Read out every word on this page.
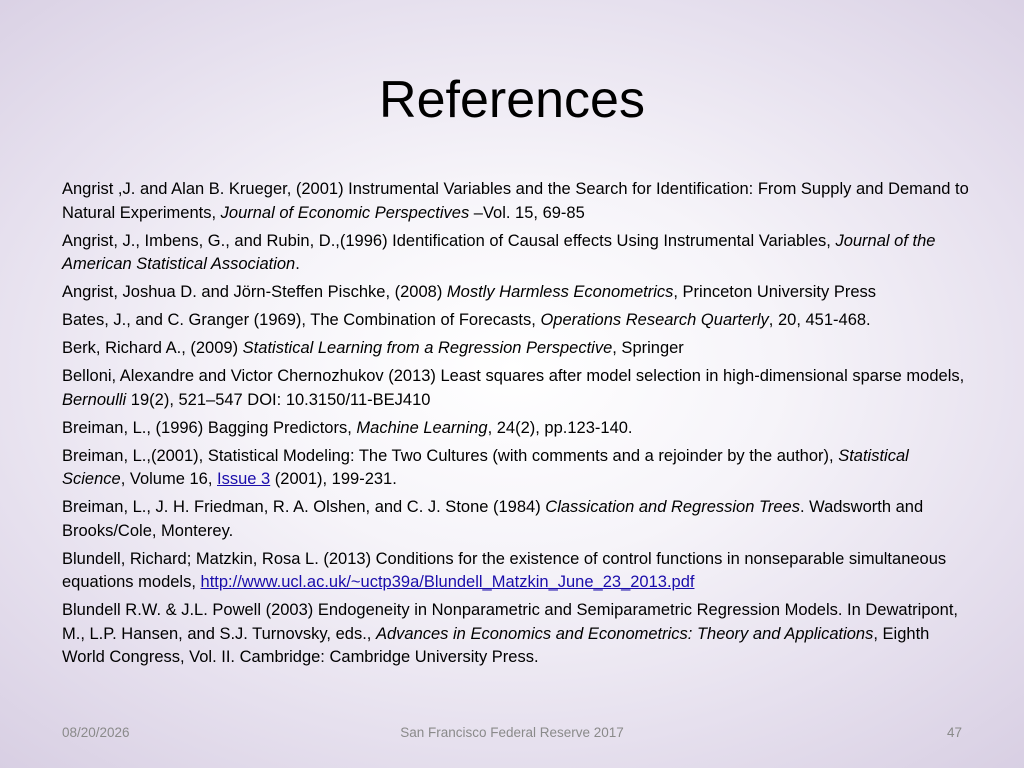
References

Angrist ,J. and Alan B. Krueger, (2001) Instrumental Variables and the Search for Identification: From Supply and Demand to Natural Experiments, Journal of Economic Perspectives –Vol. 15, 69-85

Angrist, J., Imbens, G., and Rubin, D.,(1996) Identification of Causal effects Using Instrumental Variables, Journal of the American Statistical Association.

Angrist, Joshua D. and Jörn-Steffen Pischke, (2008) Mostly Harmless Econometrics, Princeton University Press

Bates, J., and C. Granger (1969), The Combination of Forecasts, Operations Research Quarterly, 20, 451-468.

Berk, Richard A., (2009) Statistical Learning from a Regression Perspective, Springer

Belloni, Alexandre and Victor Chernozhukov (2013) Least squares after model selection in high-dimensional sparse models, Bernoulli 19(2), 521–547 DOI: 10.3150/11-BEJ410

Breiman, L., (1996) Bagging Predictors, Machine Learning, 24(2), pp.123-140.

Breiman, L.,(2001), Statistical Modeling: The Two Cultures (with comments and a rejoinder by the author), Statistical Science, Volume 16, Issue 3 (2001), 199-231.

Breiman, L., J. H. Friedman, R. A. Olshen, and C. J. Stone (1984) Classication and Regression Trees. Wadsworth and Brooks/Cole, Monterey.

Blundell, Richard; Matzkin, Rosa L. (2013) Conditions for the existence of control functions in nonseparable simultaneous equations models, http://www.ucl.ac.uk/~uctp39a/Blundell_Matzkin_June_23_2013.pdf

Blundell R.W. & J.L. Powell (2003) Endogeneity in Nonparametric and Semiparametric Regression Models. In Dewatripont, M., L.P. Hansen, and S.J. Turnovsky, eds., Advances in Economics and Econometrics: Theory and Applications, Eighth World Congress, Vol. II. Cambridge: Cambridge University Press.

08/20/2026	San Francisco Federal Reserve 2017	47
